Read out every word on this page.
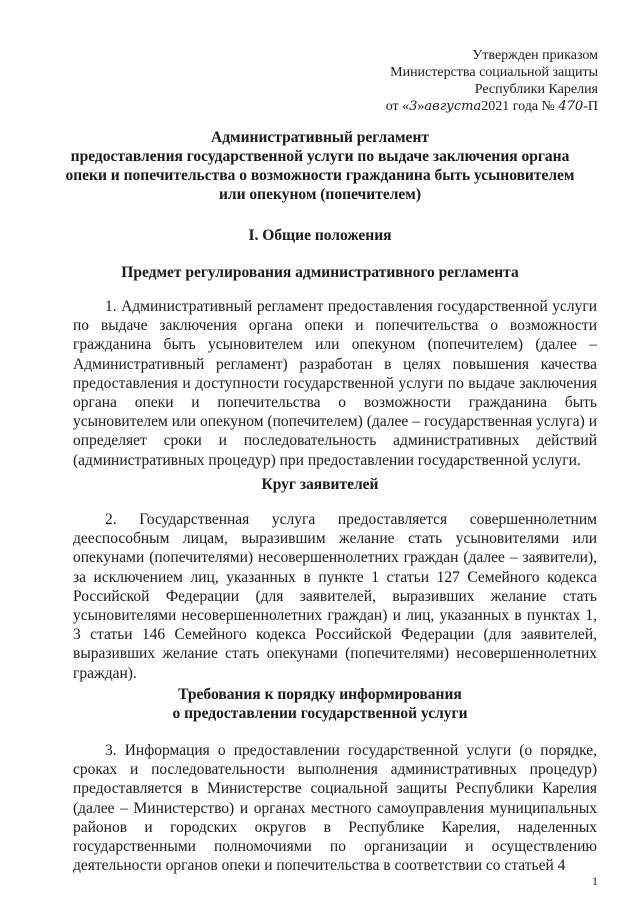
Утвержден приказом
Министерства социальной защиты
Республики Карелия
от «3»августа2021 года № 470-П
Административный регламент
предоставления государственной услуги по выдаче заключения органа
опеки и попечительства о возможности гражданина быть усыновителем
или опекуном (попечителем)
I. Общие положения
Предмет регулирования административного регламента

1. Административный регламент предоставления государственной услуги по выдаче заключения органа опеки и попечительства о возможности гражданина быть усыновителем или опекуном (попечителем) (далее – Административный регламент) разработан в целях повышения качества предоставления и доступности государственной услуги по выдаче заключения органа опеки и попечительства о возможности гражданина быть усыновителем или опекуном (попечителем) (далее – государственная услуга) и определяет сроки и последовательность административных действий (административных процедур) при предоставлении государственной услуги.

Круг заявителей

2. Государственная услуга предоставляется совершеннолетним дееспособным лицам, выразившим желание стать усыновителями или опекунами (попечителями) несовершеннолетних граждан (далее – заявители), за исключением лиц, указанных в пункте 1 статьи 127 Семейного кодекса Российской Федерации (для заявителей, выразивших желание стать усыновителями несовершеннолетних граждан) и лиц, указанных в пунктах 1, 3 статьи 146 Семейного кодекса Российской Федерации (для заявителей, выразивших желание стать опекунами (попечителями) несовершеннолетних граждан).

Требования к порядку информирования
о предоставлении государственной услуги

3. Информация о предоставлении государственной услуги (о порядке, сроках и последовательности выполнения административных процедур) предоставляется в Министерстве социальной защиты Республики Карелия (далее – Министерство) и органах местного самоуправления муниципальных районов и городских округов в Республике Карелия, наделенных государственными полномочиями по организации и осуществлению деятельности органов опеки и попечительства в соответствии со статьей 4

1
